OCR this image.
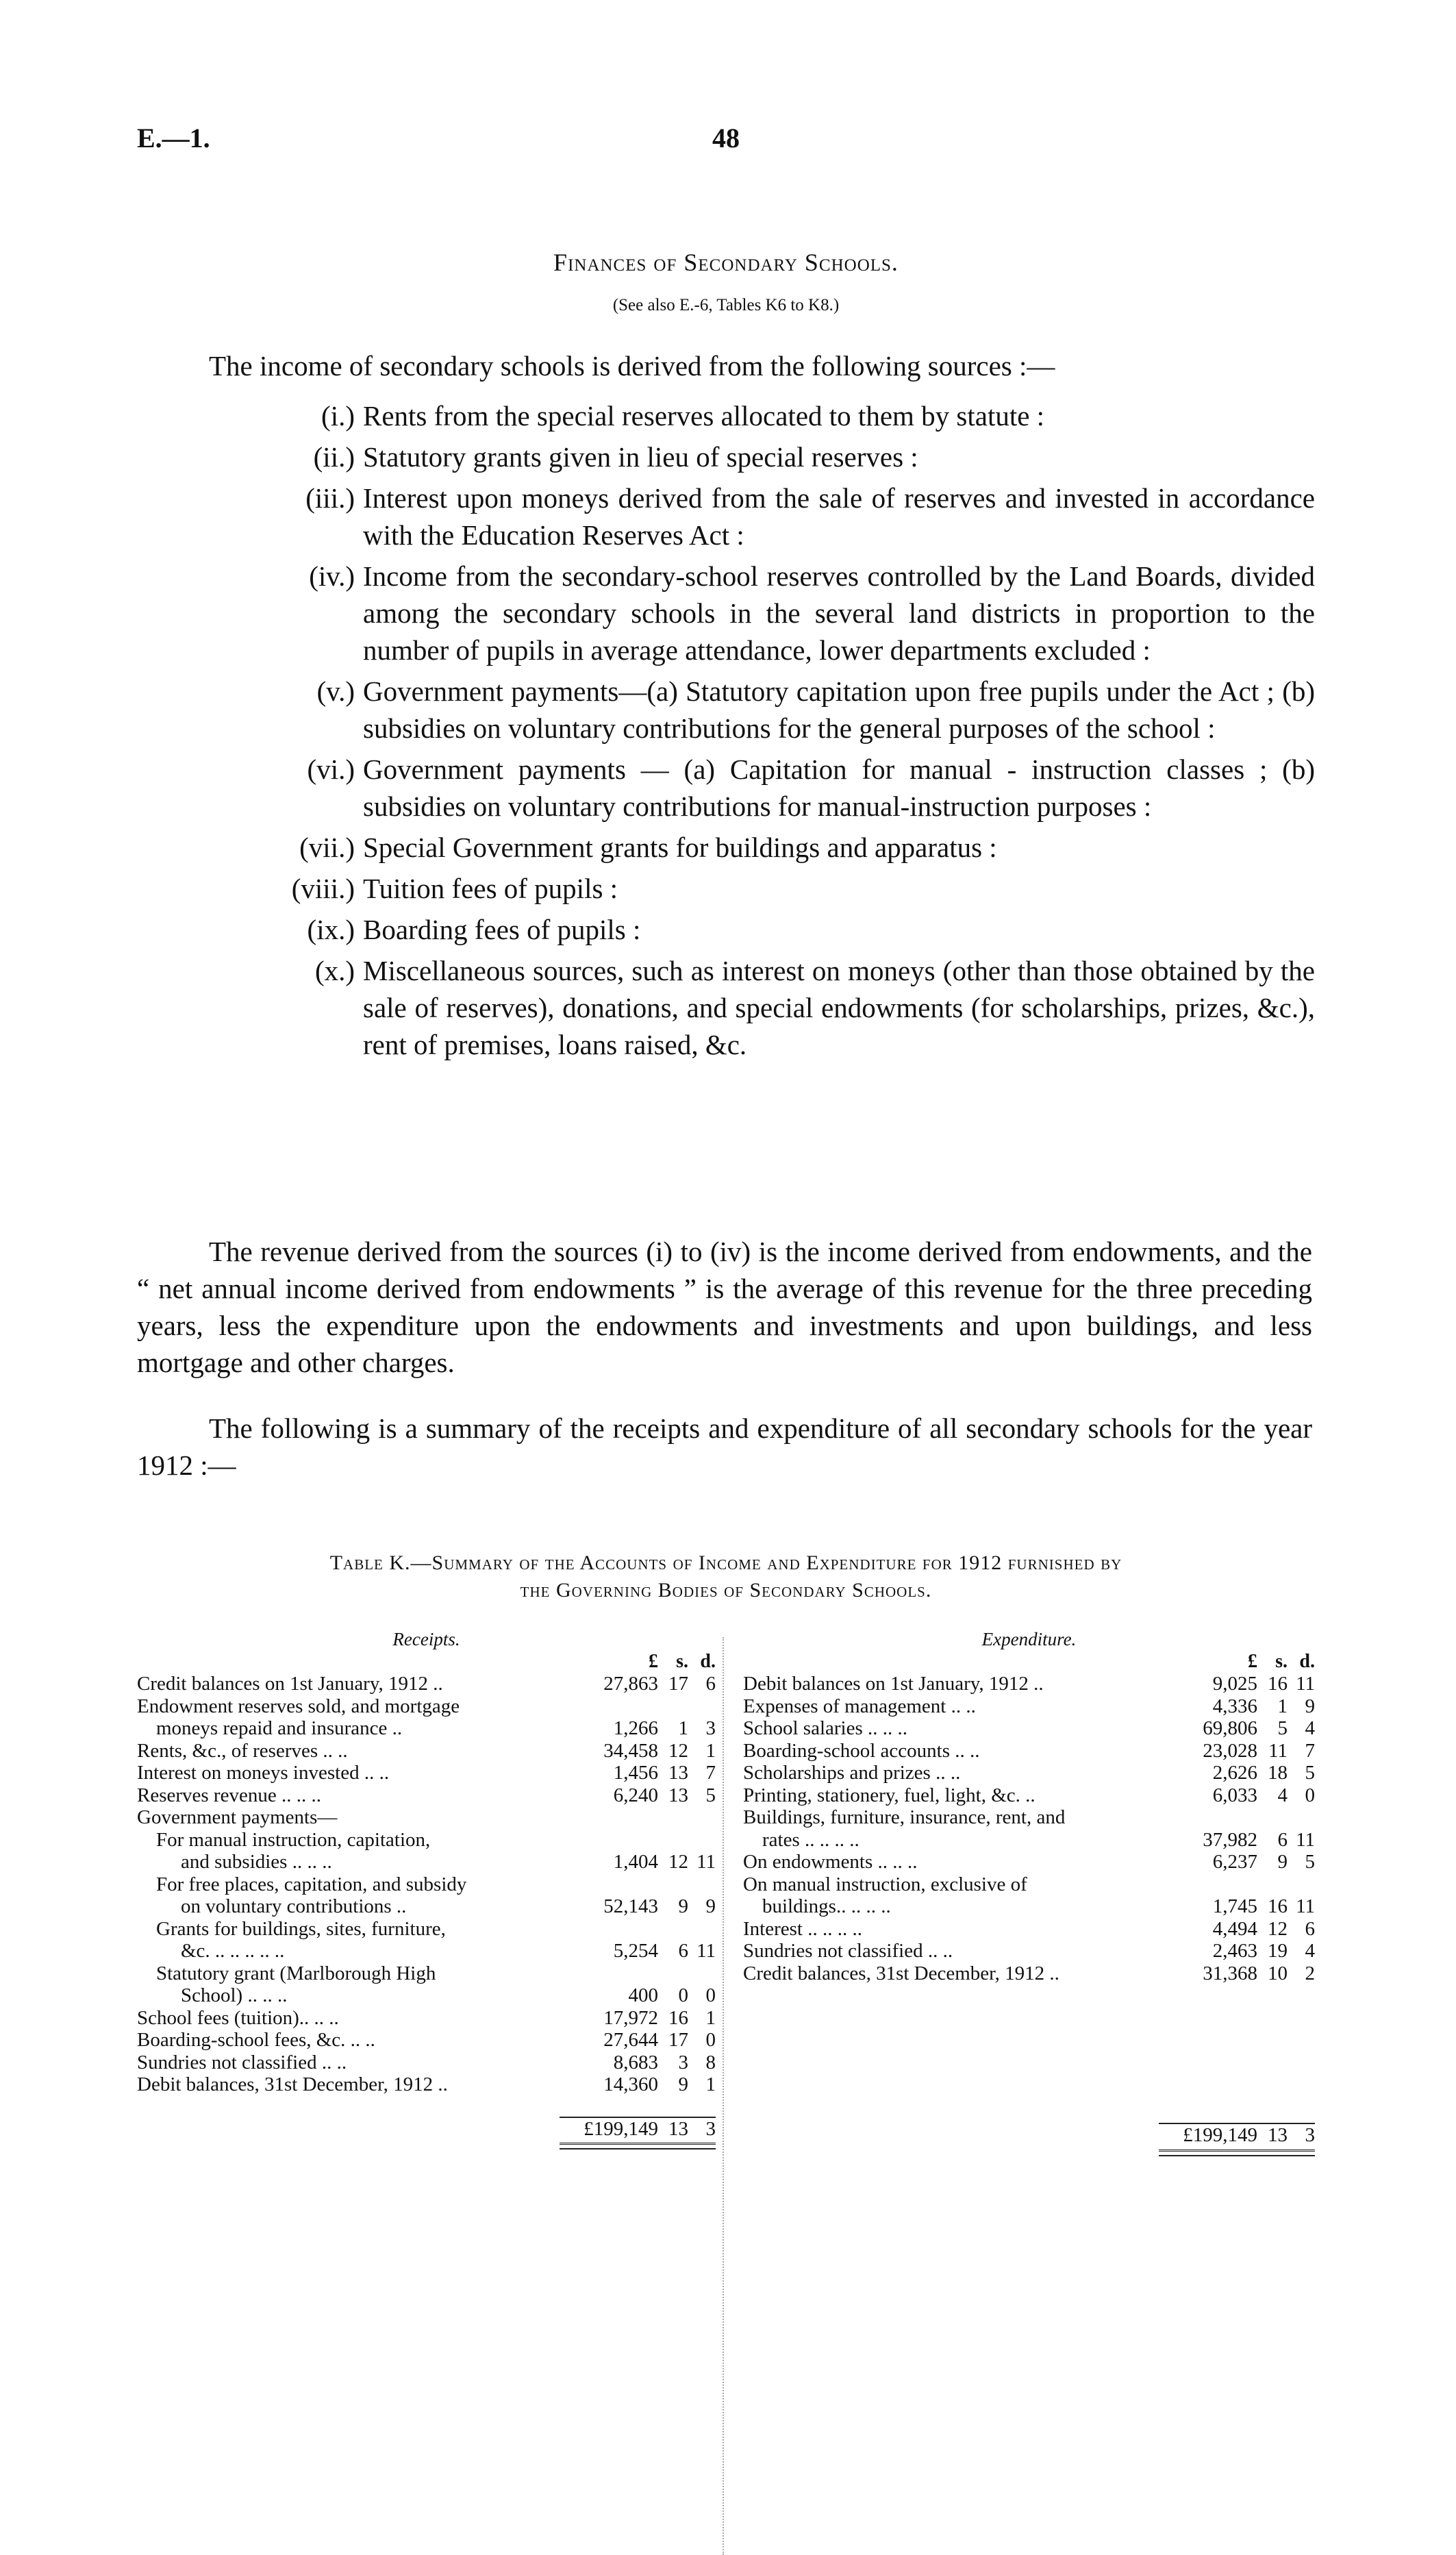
E.—1.	48
Finances of Secondary Schools.
(See also E.-6, Tables K6 to K8.)
The income of secondary schools is derived from the following sources :—
(i.) Rents from the special reserves allocated to them by statute :
(ii.) Statutory grants given in lieu of special reserves :
(iii.) Interest upon moneys derived from the sale of reserves and invested in accordance with the Education Reserves Act :
(iv.) Income from the secondary-school reserves controlled by the Land Boards, divided among the secondary schools in the several land districts in proportion to the number of pupils in average attendance, lower departments excluded :
(v.) Government payments—(a) Statutory capitation upon free pupils under the Act ; (b) subsidies on voluntary contributions for the general purposes of the school :
(vi.) Government payments — (a) Capitation for manual - instruction classes ; (b) subsidies on voluntary contributions for manual-instruction purposes :
(vii.) Special Government grants for buildings and apparatus :
(viii.) Tuition fees of pupils :
(ix.) Boarding fees of pupils :
(x.) Miscellaneous sources, such as interest on moneys (other than those obtained by the sale of reserves), donations, and special endowments (for scholarships, prizes, &c.), rent of premises, loans raised, &c.
The revenue derived from the sources (i) to (iv) is the income derived from endowments, and the “ net annual income derived from endowments ” is the average of this revenue for the three preceding years, less the expenditure upon the endowments and investments and upon buildings, and less mortgage and other charges.
The following is a summary of the receipts and expenditure of all secondary schools for the year 1912 :—
Table K.—Summary of the Accounts of Income and Expenditure for 1912 furnished by
the Governing Bodies of Secondary Schools.
Receipts.
£ s. d.
Credit balances on 1st January, 1912 ..	27,863 17 6
Endowment reserves sold, and mortgage
moneys repaid and insurance ..	1,266	1 3
Rents, &c., of reserves .. ..	34,458 12 1
Interest on moneys invested .. ..	1,456 13 7
Reserves revenue .. .. ..	6,240 13 5
Government payments—
For manual instruction, capitation,
and subsidies .. .. ..	1,404 12 11
For free places, capitation, and subsidy
on voluntary contributions ..	52,143	9 9
Grants for buildings, sites, furniture,
&c. .. .. .. .. ..	5,254	6 11
Statutory grant (Marlborough High
School) .. .. ..	400	0 0
School fees (tuition).. .. ..	17,972 16 1
Boarding-school fees, &c. .. ..	27,644 17 0
Sundries not classified .. ..	8,683	3 8
Debit balances, 31st December, 1912 ..	14,360	9 1
£199,149 13 3
Expenditure.
£ s. d.
Debit balances on 1st January, 1912 ..	9,025 16 11
Expenses of management .. ..	4,336	1 9
School salaries .. .. ..	69,806	5 4
Boarding-school accounts .. ..	23,028 11 7
Scholarships and prizes .. ..	2,626 18 5
Printing, stationery, fuel, light, &c. ..	6,033	4 0
Buildings, furniture, insurance, rent, and
rates .. .. .. ..	37,982	6 11
On endowments .. .. ..	6,237	9 5
On manual instruction, exclusive of
buildings.. .. .. ..	1,745 16 11
Interest .. .. .. ..	4,494 12 6
Sundries not classified .. ..	2,463 19 4
Credit balances, 31st December, 1912 ..	31,368 10 2
£199,149 13 3
